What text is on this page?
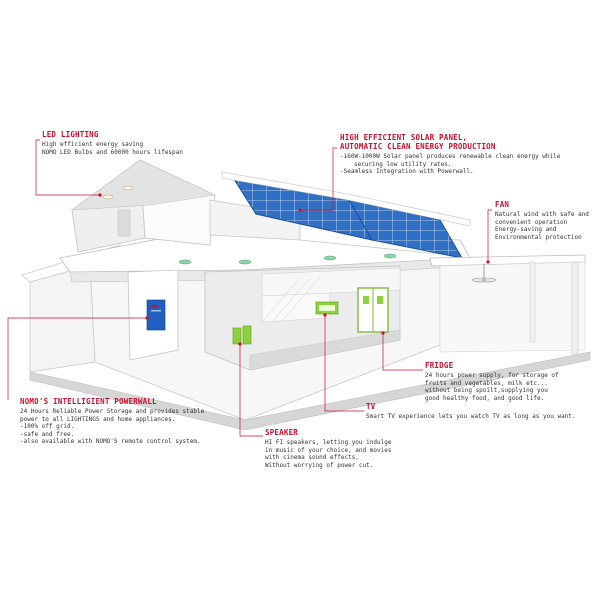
LED LIGHTING
High efficient energy saving
NOMO LED Bulbs and 60000 hours lifespan
HIGH EFFICIENT SOLAR PANEL,
AUTOMATIC CLEAN ENERGY PRODUCTION
-160W-1000W Solar panel produces renewable clean energy while
securing low utility rates.
-Seamless Integration with Powerwall.
FAN
Natural wind with safe and
convenient operation
Energy-saving and
Environmental protection
FRIDGE
24 hours power supply, for storage of
fruits and vegetables, milk etc...
without being spoilt,supplying you
good healthy food, and good life.
TV
Smart TV experience lets you watch TV as long as you want.
NOMO'S INTELLIGIENT POWERWALL
24 Hours Reliable Power Storage and provides stable
power to all LIGHTINGS and home appliances.
-100% off grid.
-safe and free.
-also available with NOMO'S remote control system.
SPEAKER
HI FI speakers, letting you indulge
in music of your choice, and movies
with cinema sound effects,
Without worrying of power cut.
